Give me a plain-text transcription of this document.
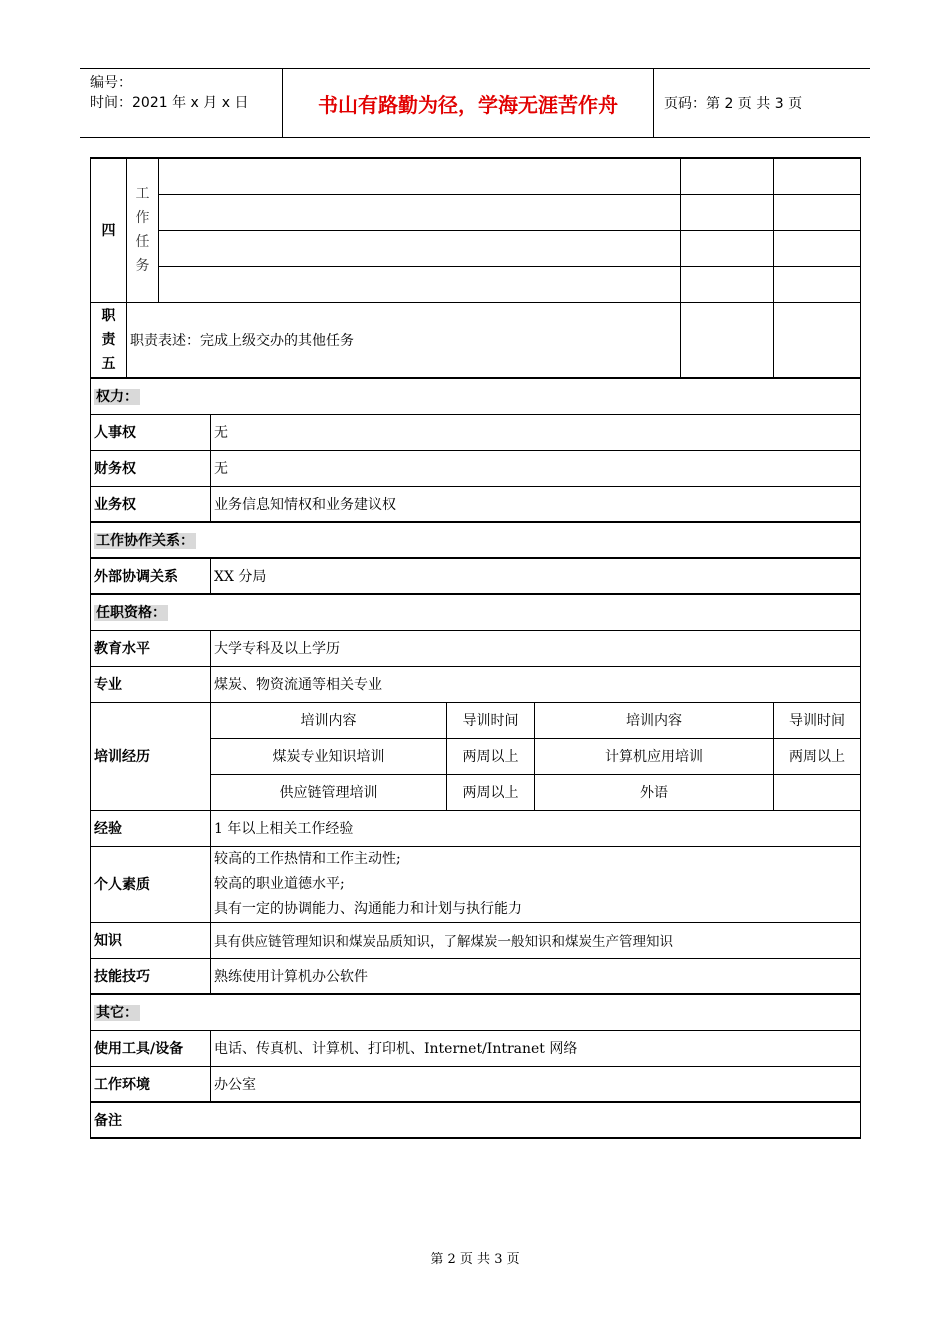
编号：
时间：2021 年 x 月 x 日	书山有路勤为径，学海无涯苦作舟	页码：第 2 页 共 3 页
四	工作任务						

职责五	职责表述：完成上级交办的其他任务						
权力：							
人事权			无				
财务权			无				
业务权			业务信息知情权和业务建议权				
工作协作关系：							
外部协调关系			XX 分局				
任职资格：							
教育水平			大学专科及以上学历				
专业			煤炭、物资流通等相关专业				
培训经历			培训内容	导训时间	培训内容		导训时间
			煤炭专业知识培训	两周以上	计算机应用培训		两周以上
			供应链管理培训	两周以上	外语		
经验			1 年以上相关工作经验				
个人素质			较高的工作热情和工作主动性;
较高的职业道德水平;
具有一定的协调能力、沟通能力和计划与执行能力				

知识			具有供应链管理知识和煤炭品质知识，了解煤炭一般知识和煤炭生产管理知识				
技能技巧			熟练使用计算机办公软件				
其它：							
使用工具/设备			电话、传真机、计算机、打印机、Internet/Intranet 网络				
工作环境			办公室				
备注							
第 2 页 共 3 页
